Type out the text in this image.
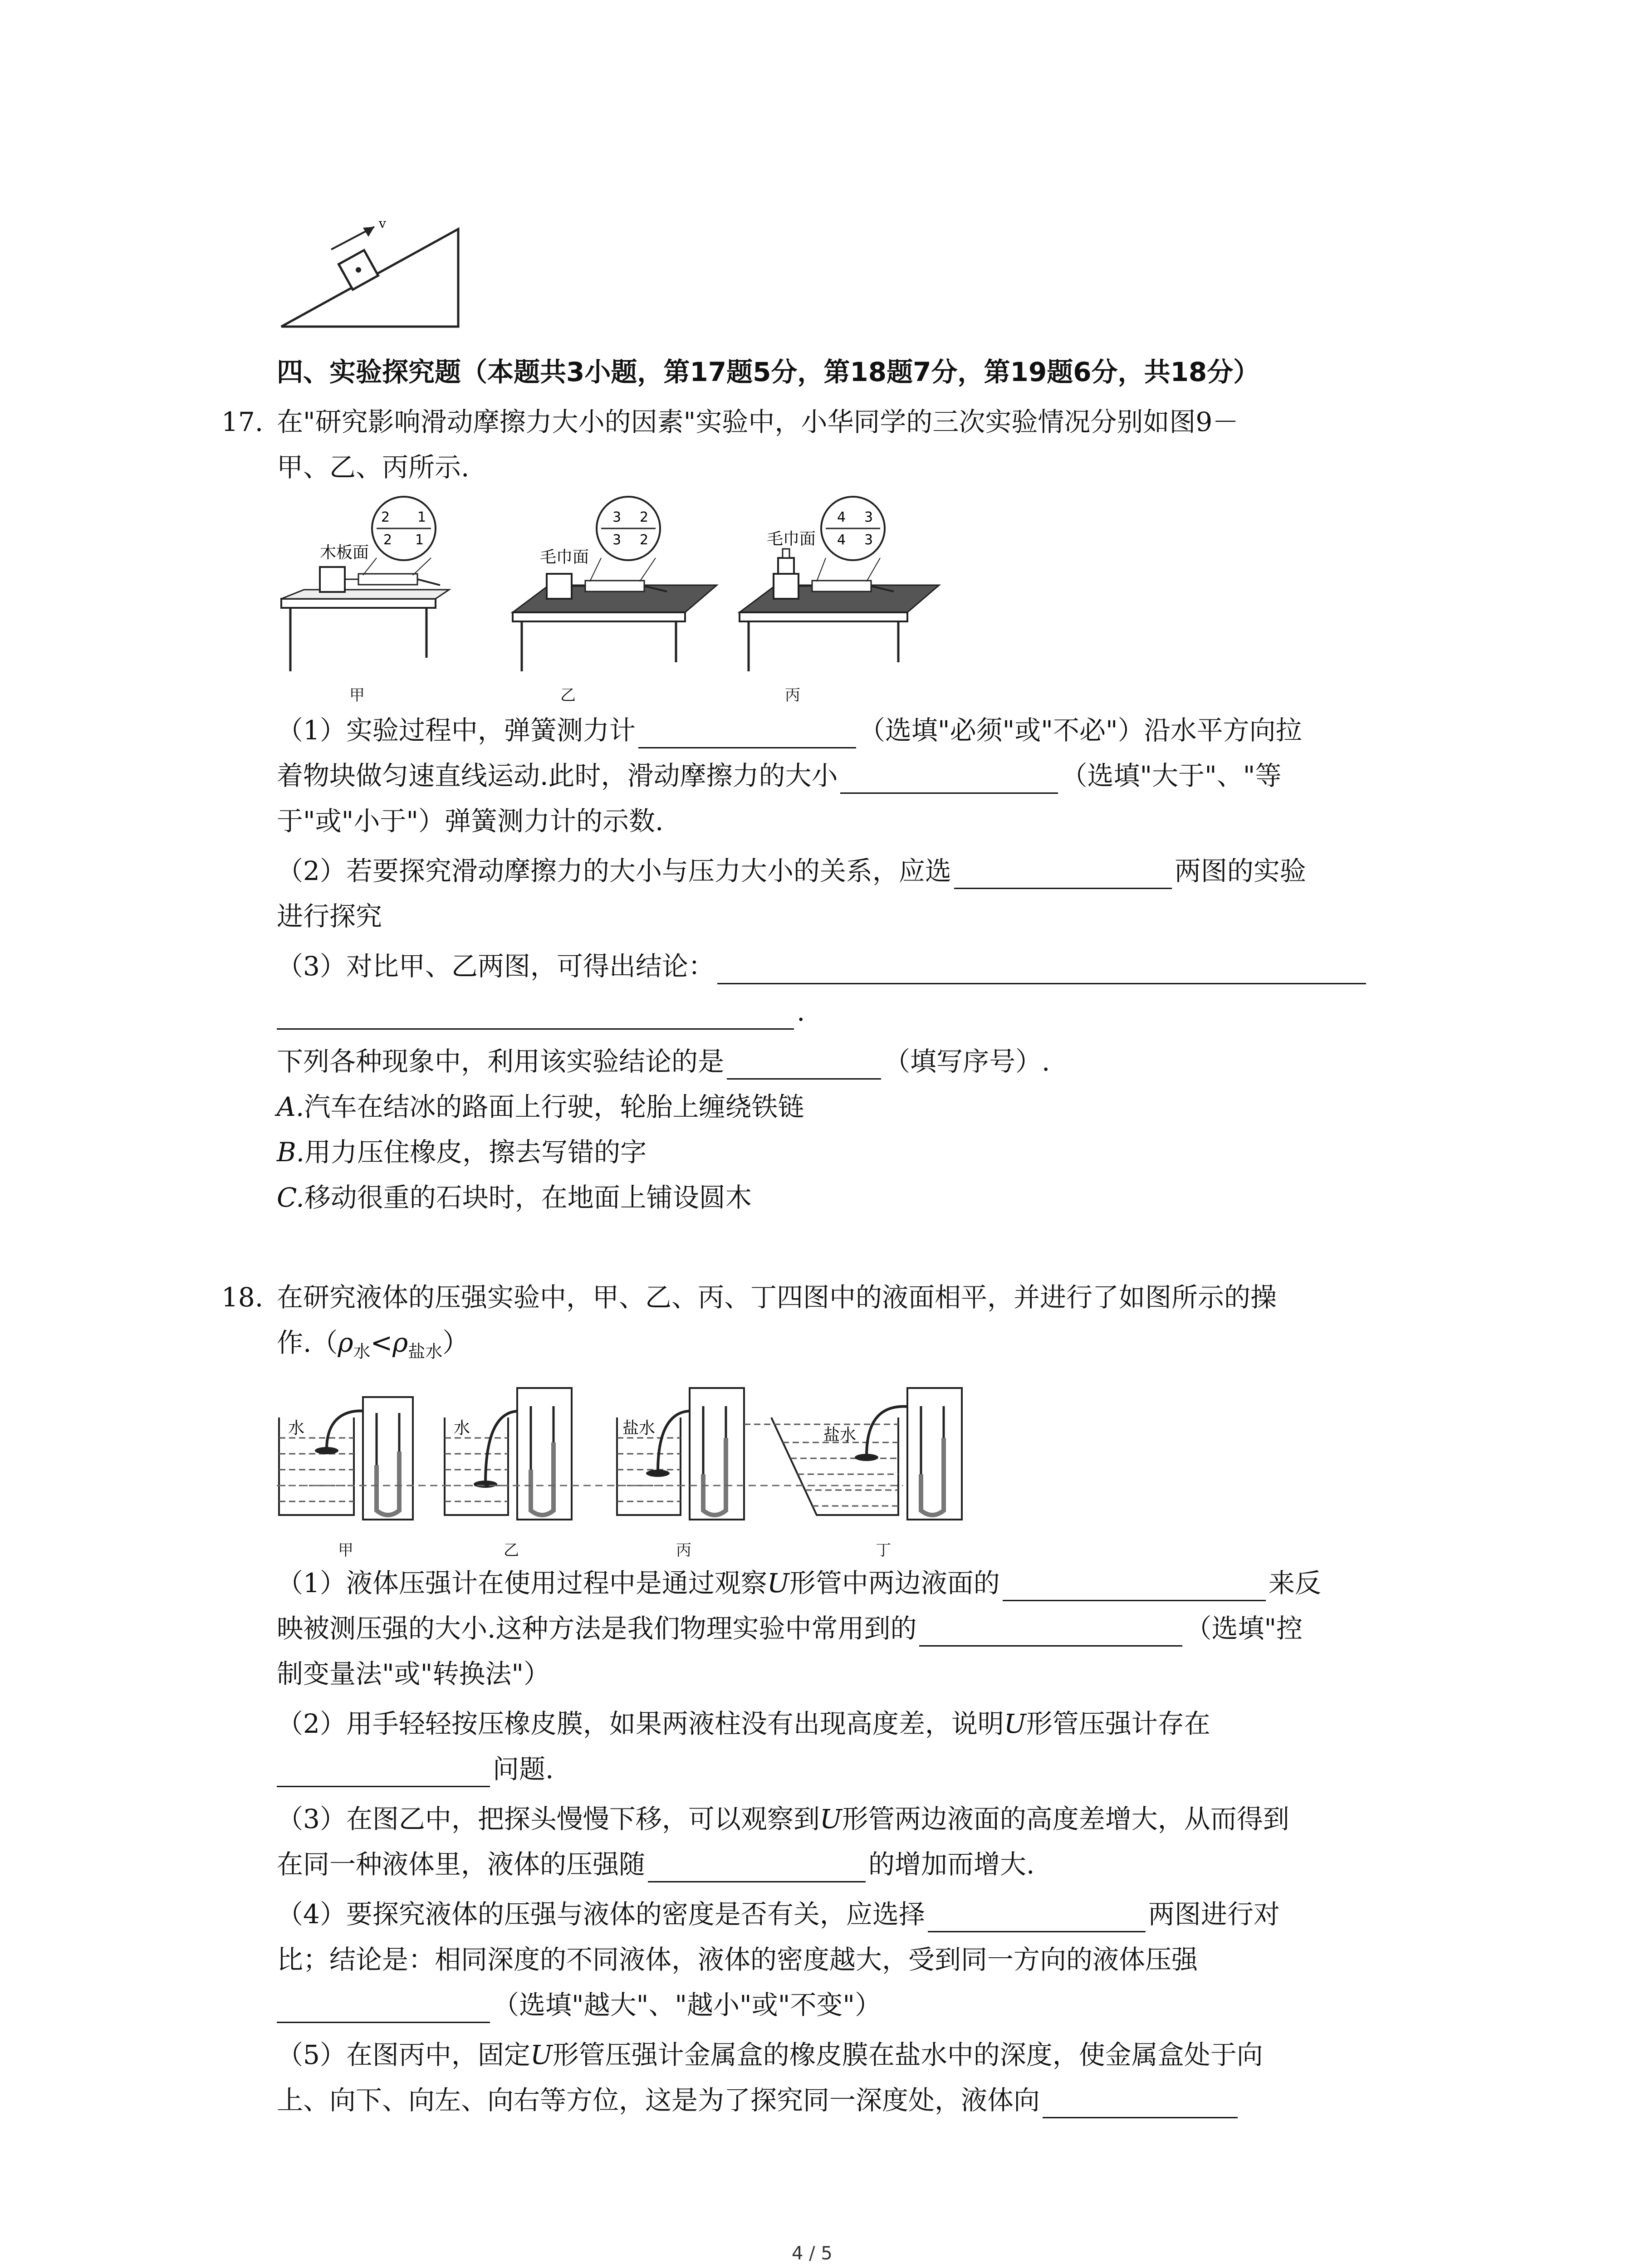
v
四、实验探究题（本题共3小题，第17题5分，第18题7分，第19题6分，共18分）
17. 在"研究影响滑动摩擦力大小的因素"实验中，小华同学的三次实验情况分别如图9－
甲、乙、丙所示.
2 1
2 1
木板面
3 2
3 2
毛巾面
4 3
4 3
毛巾面
甲	乙	丙
（1）实验过程中，弹簧测力计	（选填"必须"或"不必"）沿水平方向拉
着物块做匀速直线运动.此时，滑动摩擦力的大小	（选填"大于"、"等
于"或"小于"）弹簧测力计的示数.
（2）若要探究滑动摩擦力的大小与压力大小的关系，应选	两图的实验
进行探究
（3）对比甲、乙两图，可得出结论：
.
下列各种现象中，利用该实验结论的是	（填写序号）.
A.汽车在结冰的路面上行驶，轮胎上缠绕铁链
B.用力压住橡皮，擦去写错的字
C.移动很重的石块时，在地面上铺设圆木
18. 在研究液体的压强实验中，甲、乙、丙、丁四图中的液面相平，并进行了如图所示的操
作$.(\rho_水<\rho_{盐水})$
水	水	盐水	盐水
甲	乙	丙	丁
（1）液体压强计在使用过程中是通过观察U形管中两边液面的	来反
映被测压强的大小.这种方法是我们物理实验中常用到的	（选填"控
制变量法"或"转换法"）
（2）用手轻轻按压橡皮膜，如果两液柱没有出现高度差，说明U形管压强计存在
问题.
（3）在图乙中，把探头慢慢下移，可以观察到U形管两边液面的高度差增大，从而得到
在同一种液体里，液体的压强随	的增加而增大.
（4）要探究液体的压强与液体的密度是否有关，应选择	两图进行对
比；结论是：相同深度的不同液体，液体的密度越大，受到同一方向的液体压强
（选填"越大"、"越小"或"不变"）
（5）在图丙中，固定U形管压强计金属盒的橡皮膜在盐水中的深度，使金属盒处于向
上、向下、向左、向右等方位，这是为了探究同一深度处，液体向
4 / 5
